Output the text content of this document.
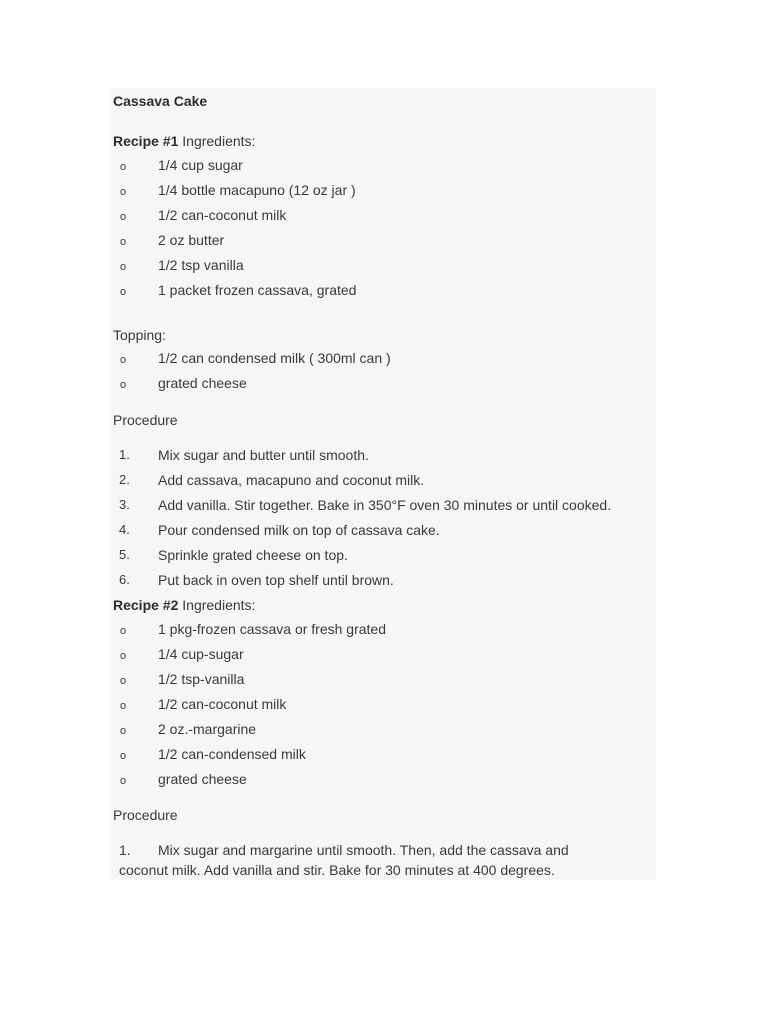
Cassava Cake
Recipe #1 Ingredients:
o 1/4 cup sugar
o 1/4 bottle macapuno (12 oz jar )
o 1/2 can-coconut milk
o 2 oz butter
o 1/2 tsp vanilla
o 1 packet frozen cassava, grated
Topping:
o 1/2 can condensed milk ( 300ml can )
o grated cheese
Procedure
1. Mix sugar and butter until smooth.
2. Add cassava, macapuno and coconut milk.
3. Add vanilla. Stir together. Bake in 350°F oven 30 minutes or until cooked.
4. Pour condensed milk on top of cassava cake.
5. Sprinkle grated cheese on top.
6. Put back in oven top shelf until brown.
Recipe #2 Ingredients:
o 1 pkg-frozen cassava or fresh grated
o 1/4 cup-sugar
o 1/2 tsp-vanilla
o 1/2 can-coconut milk
o 2 oz.-margarine
o 1/2 can-condensed milk
o grated cheese
Procedure
1. Mix sugar and margarine until smooth. Then, add the cassava and coconut milk. Add vanilla and stir. Bake for 30 minutes at 400 degrees.
